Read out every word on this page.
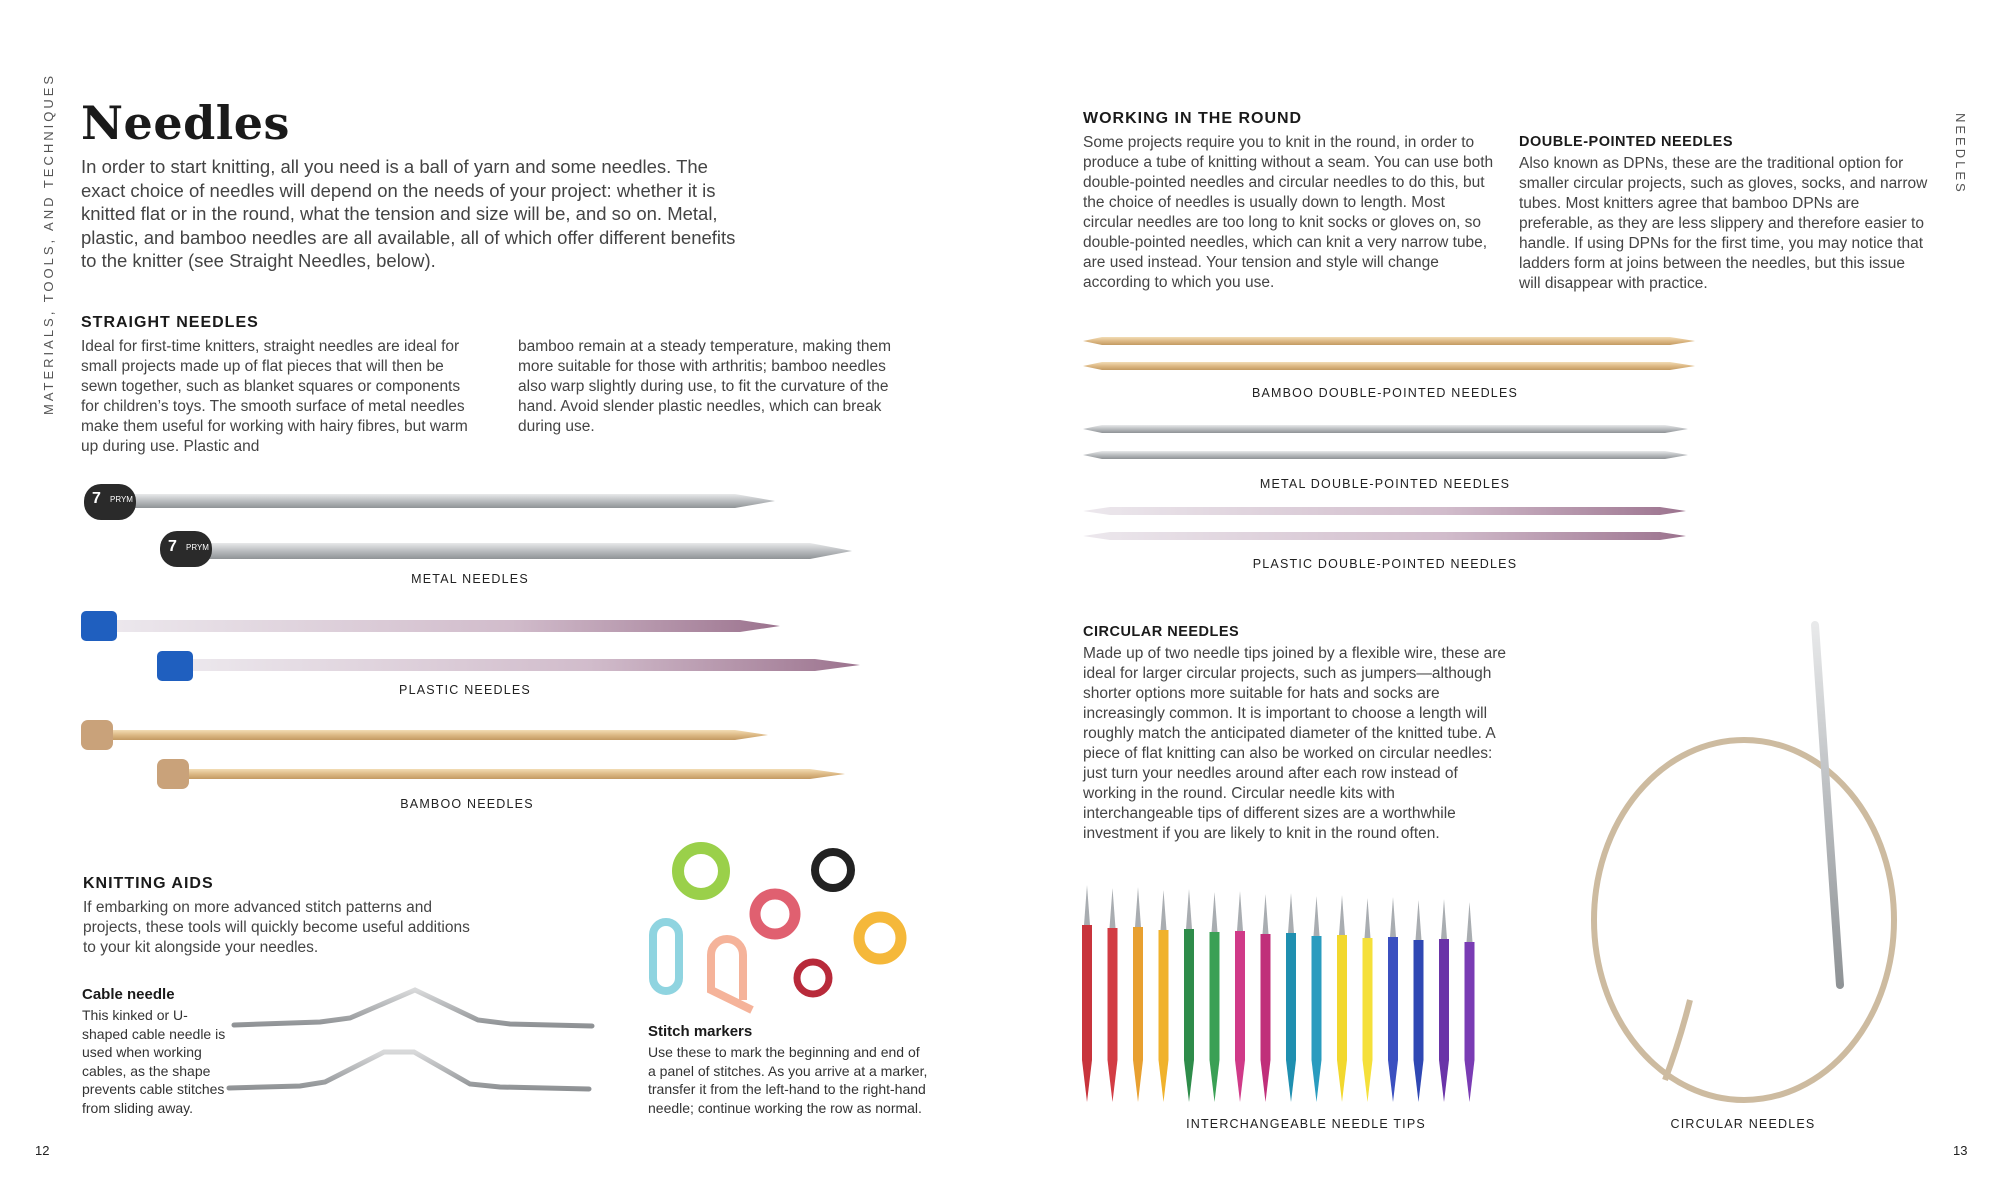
MATERIALS, TOOLS, AND TECHNIQUES	NEEDLES
Needles
In order to start knitting, all you need is a ball of yarn and some needles. The exact choice of needles will depend on the needs of your project: whether it is knitted flat or in the round, what the tension and size will be, and so on. Metal, plastic, and bamboo needles are all available, all of which offer different benefits to the knitter (see Straight Needles, below).
STRAIGHT NEEDLES
Ideal for first-time knitters, straight needles are ideal for small projects made up of flat pieces that will then be sewn together, such as blanket squares or components for children’s toys. The smooth surface of metal needles make them useful for working with hairy fibres, but warm up during use. Plastic and
bamboo remain at a steady temperature, making them more suitable for those with arthritis; bamboo needles also warp slightly during use, to fit the curvature of the hand. Avoid slender plastic needles, which can break during use.
METAL NEEDLES
PLASTIC NEEDLES
BAMBOO NEEDLES
7 PRYM
7 PRYM
KNITTING AIDS
If embarking on more advanced stitch patterns and projects, these tools will quickly become useful additions to your kit alongside your needles.
Cable needle
This kinked or U-shaped cable needle is used when working cables, as the shape prevents cable stitches from sliding away.
Stitch markers
Use these to mark the beginning and end of a panel of stitches. As you arrive at a marker, transfer it from the left-hand to the right-hand needle; continue working the row as normal.
12
WORKING IN THE ROUND
Some projects require you to knit in the round, in order to produce a tube of knitting without a seam. You can use both double-pointed needles and circular needles to do this, but the choice of needles is usually down to length. Most circular needles are too long to knit socks or gloves on, so double-pointed needles, which can knit a very narrow tube, are used instead. Your tension and style will change according to which you use.
DOUBLE-POINTED NEEDLES
Also known as DPNs, these are the traditional option for smaller circular projects, such as gloves, socks, and narrow tubes. Most knitters agree that bamboo DPNs are preferable, as they are less slippery and therefore easier to handle. If using DPNs for the first time, you may notice that ladders form at joins between the needles, but this issue will disappear with practice.
BAMBOO DOUBLE-POINTED NEEDLES
METAL DOUBLE-POINTED NEEDLES
PLASTIC DOUBLE-POINTED NEEDLES
CIRCULAR NEEDLES
Made up of two needle tips joined by a flexible wire, these are ideal for larger circular projects, such as jumpers—although shorter options more suitable for hats and socks are increasingly common. It is important to choose a length will roughly match the anticipated diameter of the knitted tube. A piece of flat knitting can also be worked on circular needles: just turn your needles around after each row instead of working in the round. Circular needle kits with interchangeable tips of different sizes are a worthwhile investment if you are likely to knit in the round often.
INTERCHANGEABLE NEEDLE TIPS	CIRCULAR NEEDLES
13
